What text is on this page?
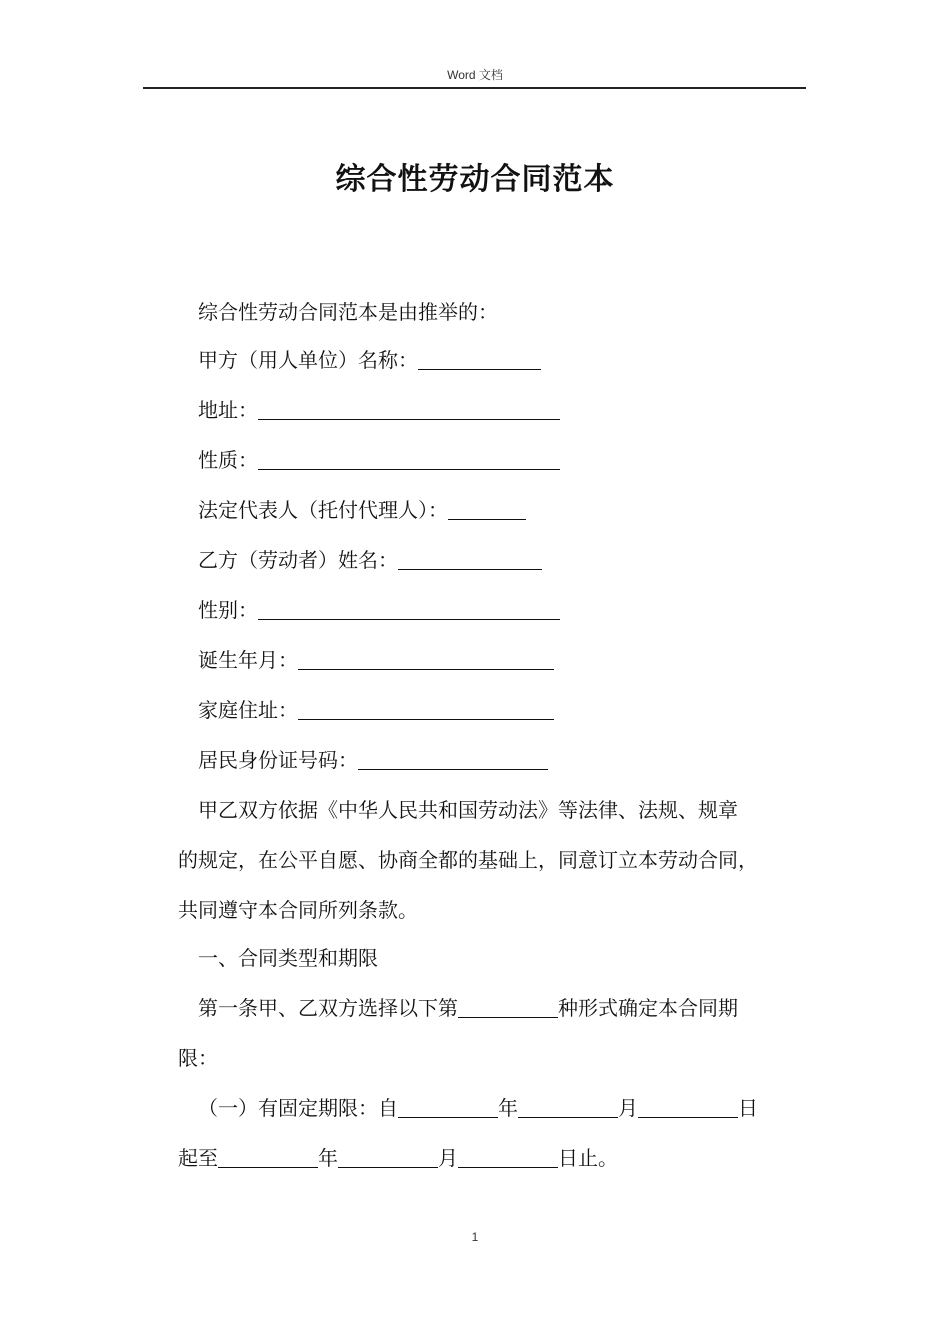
Word 文档
综合性劳动合同范本
综合性劳动合同范本是由推举的：
甲方（用人单位）名称：
地址：
性质：
法定代表人（托付代理人）：
乙方（劳动者）姓名：
性别：
诞生年月：
家庭住址：
居民身份证号码：
甲乙双方依据《中华人民共和国劳动法》等法律、法规、规章
的规定，在公平自愿、协商全都的基础上，同意订立本劳动合同，
共同遵守本合同所列条款。
一、合同类型和期限
第一条甲、乙双方选择以下第	种形式确定本合同期
限：
（一）有固定期限：自	年	月	日
起至	年	月	日止。
1
